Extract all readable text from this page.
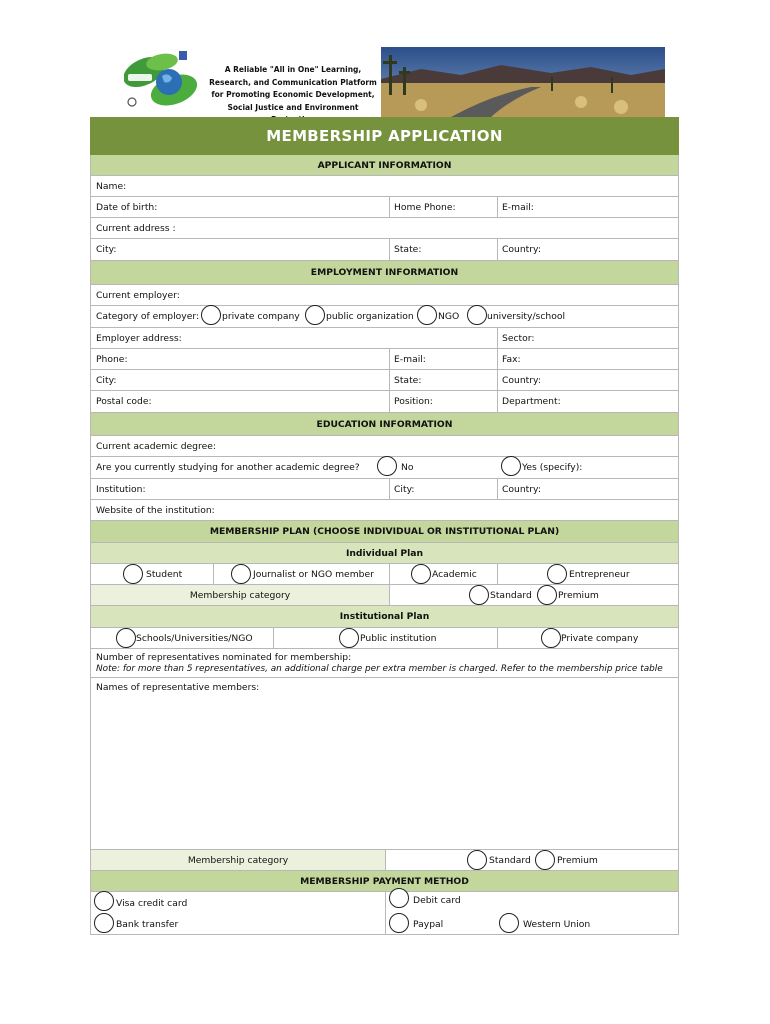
A Reliable "All in One" Learning, Research, and Communication Platform for Promoting Economic Development, Social Justice and Environment
MEMBERSHIP APPLICATION
APPLICANT INFORMATION
Name:
Date of birth:	Home Phone:	E-mail:
Current address :
City:	State:	Country:
EMPLOYMENT INFORMATION
Current employer:
Category of employer: private company	public organization	NGO	university/school
Employer address:	Sector:
Phone:	E-mail:	Fax:
City:	State:	Country:
Postal code:	Position:	Department:
EDUCATION INFORMATION
Current academic degree:
Are you currently studying for another academic degree?	No	Yes (specify):
Institution:	City:	Country:
Website of the institution:
MEMBERSHIP PLAN (CHOOSE INDIVIDUAL OR INSTITUTIONAL PLAN)
Individual Plan
Student	Journalist or NGO member	Academic	Entrepreneur
Membership category	Standard	Premium
Institutional Plan
Schools/Universities/NGO	Public institution	Private company
Number of representatives nominated for membership:
Note: for more than 5 representatives, an additional charge per extra member is charged. Refer to the membership price table
Names of representative members:
Membership category	Standard	Premium
MEMBERSHIP PAYMENT METHOD
Visa credit card	Debit card
Bank transfer	Paypal	Western Union
